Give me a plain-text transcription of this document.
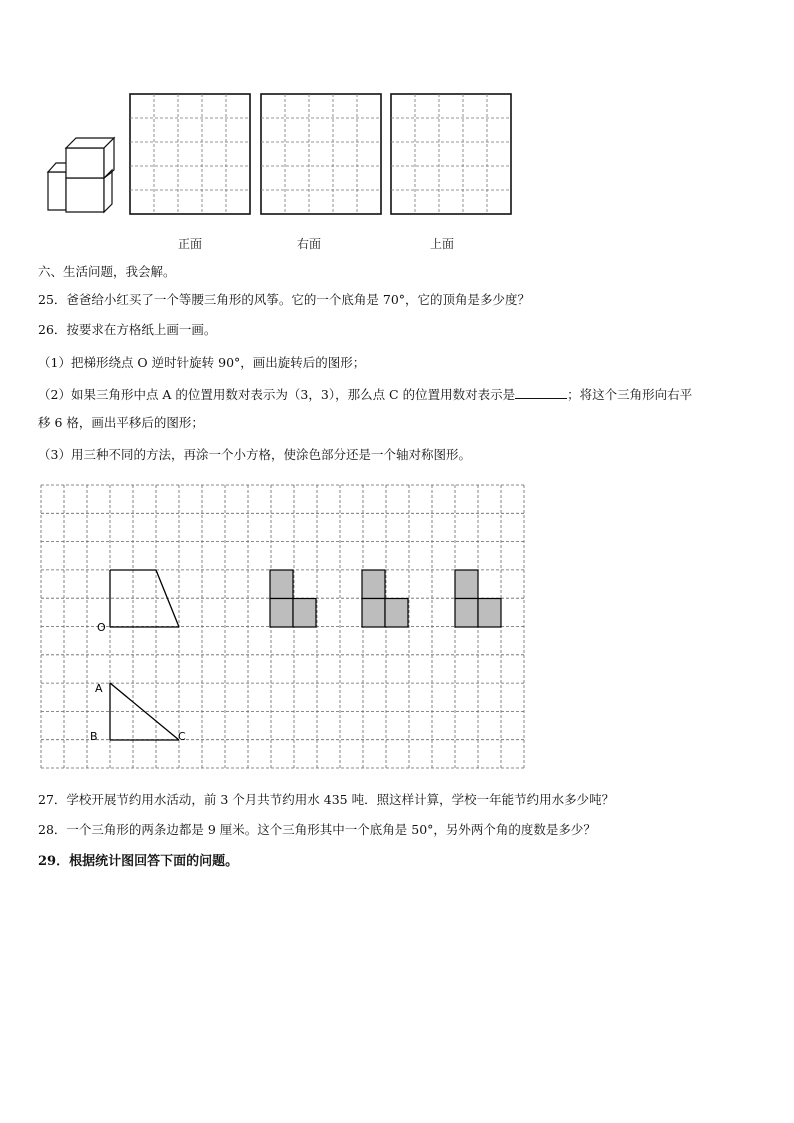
正面	右面	上面
六、生活问题，我会解。
25．爸爸给小红买了一个等腰三角形的风筝。它的一个底角是 70°，它的顶角是多少度？
26．按要求在方格纸上画一画。
（1）把梯形绕点 O 逆时针旋转 90°，画出旋转后的图形；
（2）如果三角形中点 A 的位置用数对表示为（3，3），那么点 C 的位置用数对表示是	；将这个三角形向右平
移 6 格，画出平移后的图形；
（3）用三种不同的方法，再涂一个小方格，使涂色部分还是一个轴对称图形。
O
A
B	C
27．学校开展节约用水活动，前 3 个月共节约用水 435 吨．照这样计算，学校一年能节约用水多少吨？
28．一个三角形的两条边都是 9 厘米。这个三角形其中一个底角是 50°，另外两个角的度数是多少？
29．根据统计图回答下面的问题。
